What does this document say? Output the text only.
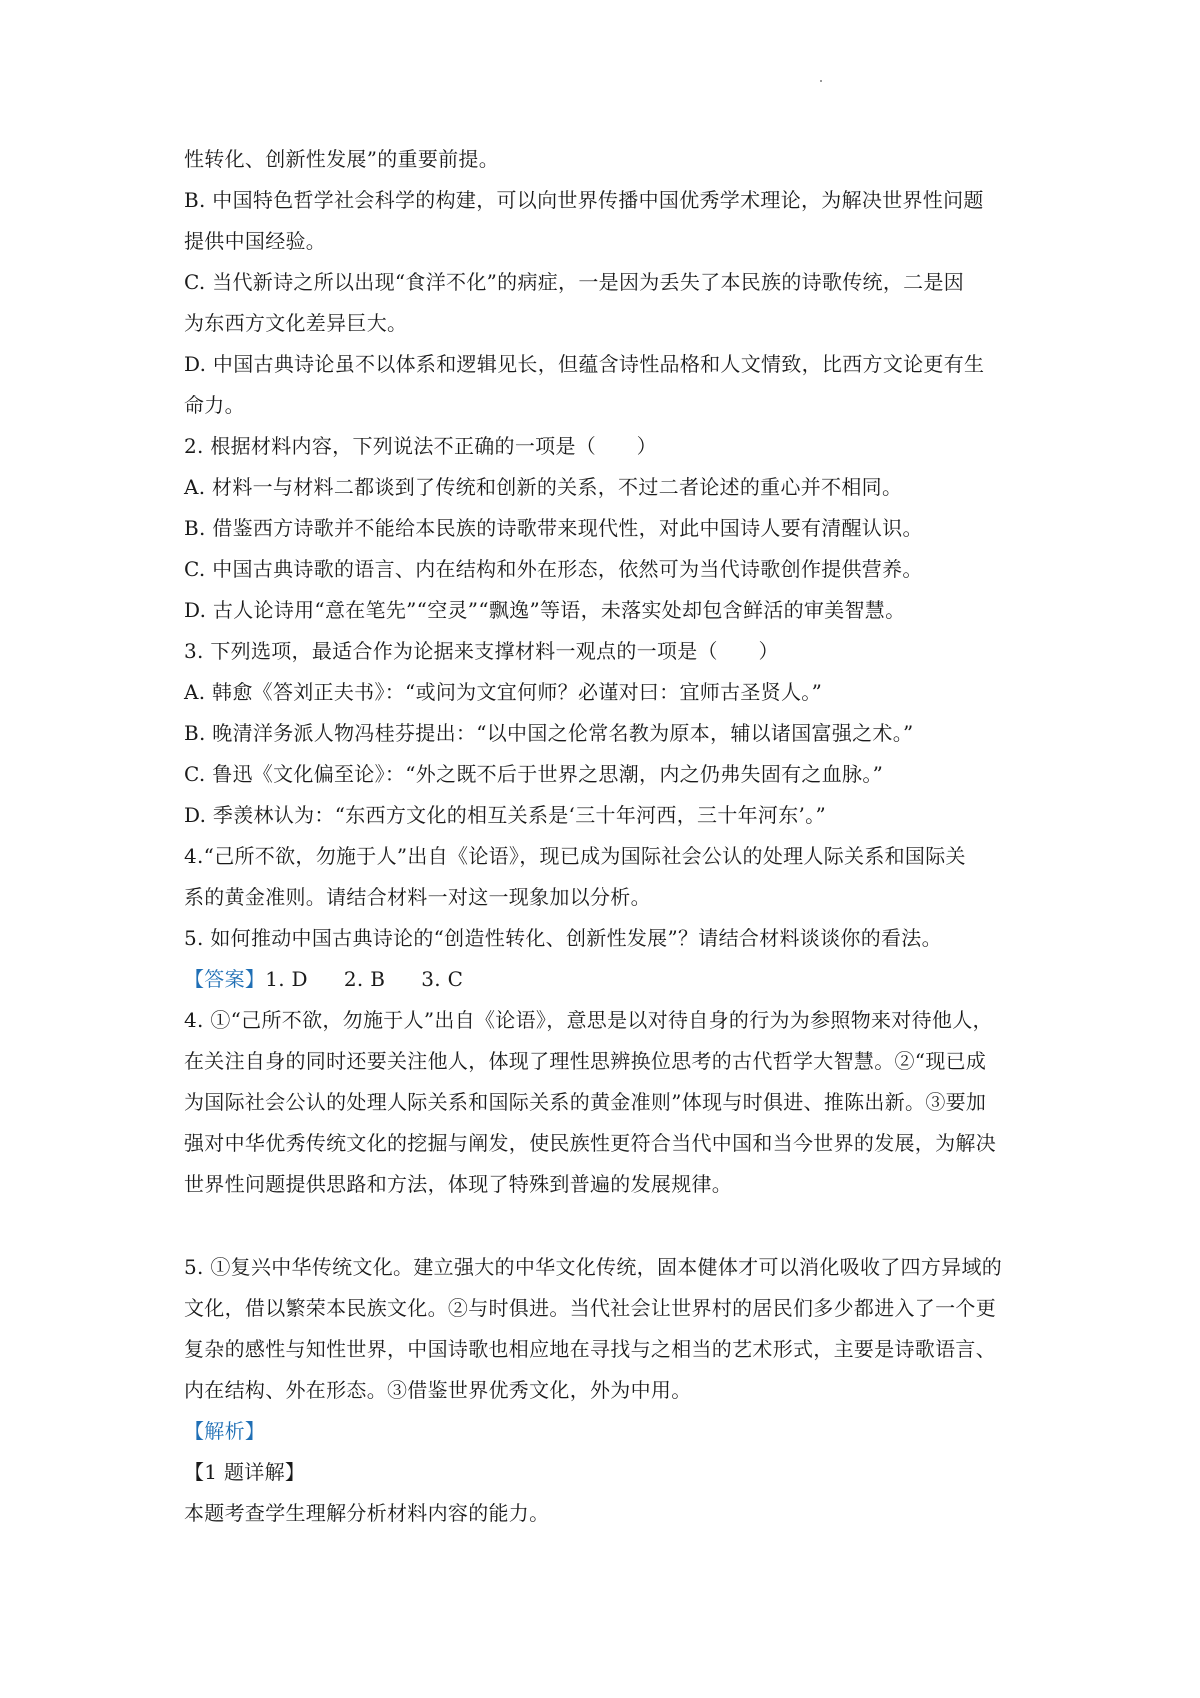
性转化、创新性发展”的重要前提。
B. 中国特色哲学社会科学的构建，可以向世界传播中国优秀学术理论，为解决世界性问题
提供中国经验。
C. 当代新诗之所以出现“食洋不化”的病症，一是因为丢失了本民族的诗歌传统，二是因
为东西方文化差异巨大。
D. 中国古典诗论虽不以体系和逻辑见长，但蕴含诗性品格和人文情致，比西方文论更有生
命力。
2. 根据材料内容，下列说法不正确的一项是（　　）
A. 材料一与材料二都谈到了传统和创新的关系，不过二者论述的重心并不相同。
B. 借鉴西方诗歌并不能给本民族的诗歌带来现代性，对此中国诗人要有清醒认识。
C. 中国古典诗歌的语言、内在结构和外在形态，依然可为当代诗歌创作提供营养。
D. 古人论诗用“意在笔先”“空灵”“飘逸”等语，未落实处却包含鲜活的审美智慧。
3. 下列选项，最适合作为论据来支撑材料一观点的一项是（　　）
A. 韩愈《答刘正夫书》：“或问为文宜何师？必谨对曰：宜师古圣贤人。”
B. 晚清洋务派人物冯桂芬提出：“以中国之伦常名教为原本，辅以诸国富强之术。”
C. 鲁迅《文化偏至论》：“外之既不后于世界之思潮，内之仍弗失固有之血脉。”
D. 季羡林认为：“东西方文化的相互关系是‘三十年河西，三十年河东’。”
4.“己所不欲，勿施于人”出自《论语》，现已成为国际社会公认的处理人际关系和国际关
系的黄金准则。请结合材料一对这一现象加以分析。
5. 如何推动中国古典诗论的“创造性转化、创新性发展”？请结合材料谈谈你的看法。
【答案】1. D 2. B 3. C
4. ①“己所不欲，勿施于人”出自《论语》，意思是以对待自身的行为为参照物来对待他人，
在关注自身的同时还要关注他人，体现了理性思辨换位思考的古代哲学大智慧。②“现已成
为国际社会公认的处理人际关系和国际关系的黄金准则”体现与时俱进、推陈出新。③要加
强对中华优秀传统文化的挖掘与阐发，使民族性更符合当代中国和当今世界的发展，为解决
世界性问题提供思路和方法，体现了特殊到普遍的发展规律。
5. ①复兴中华传统文化。建立强大的中华文化传统，固本健体才可以消化吸收了四方异域的
文化，借以繁荣本民族文化。②与时俱进。当代社会让世界村的居民们多少都进入了一个更
复杂的感性与知性世界，中国诗歌也相应地在寻找与之相当的艺术形式，主要是诗歌语言、
内在结构、外在形态。③借鉴世界优秀文化，外为中用。
【解析】
【1 题详解】
本题考查学生理解分析材料内容的能力。
